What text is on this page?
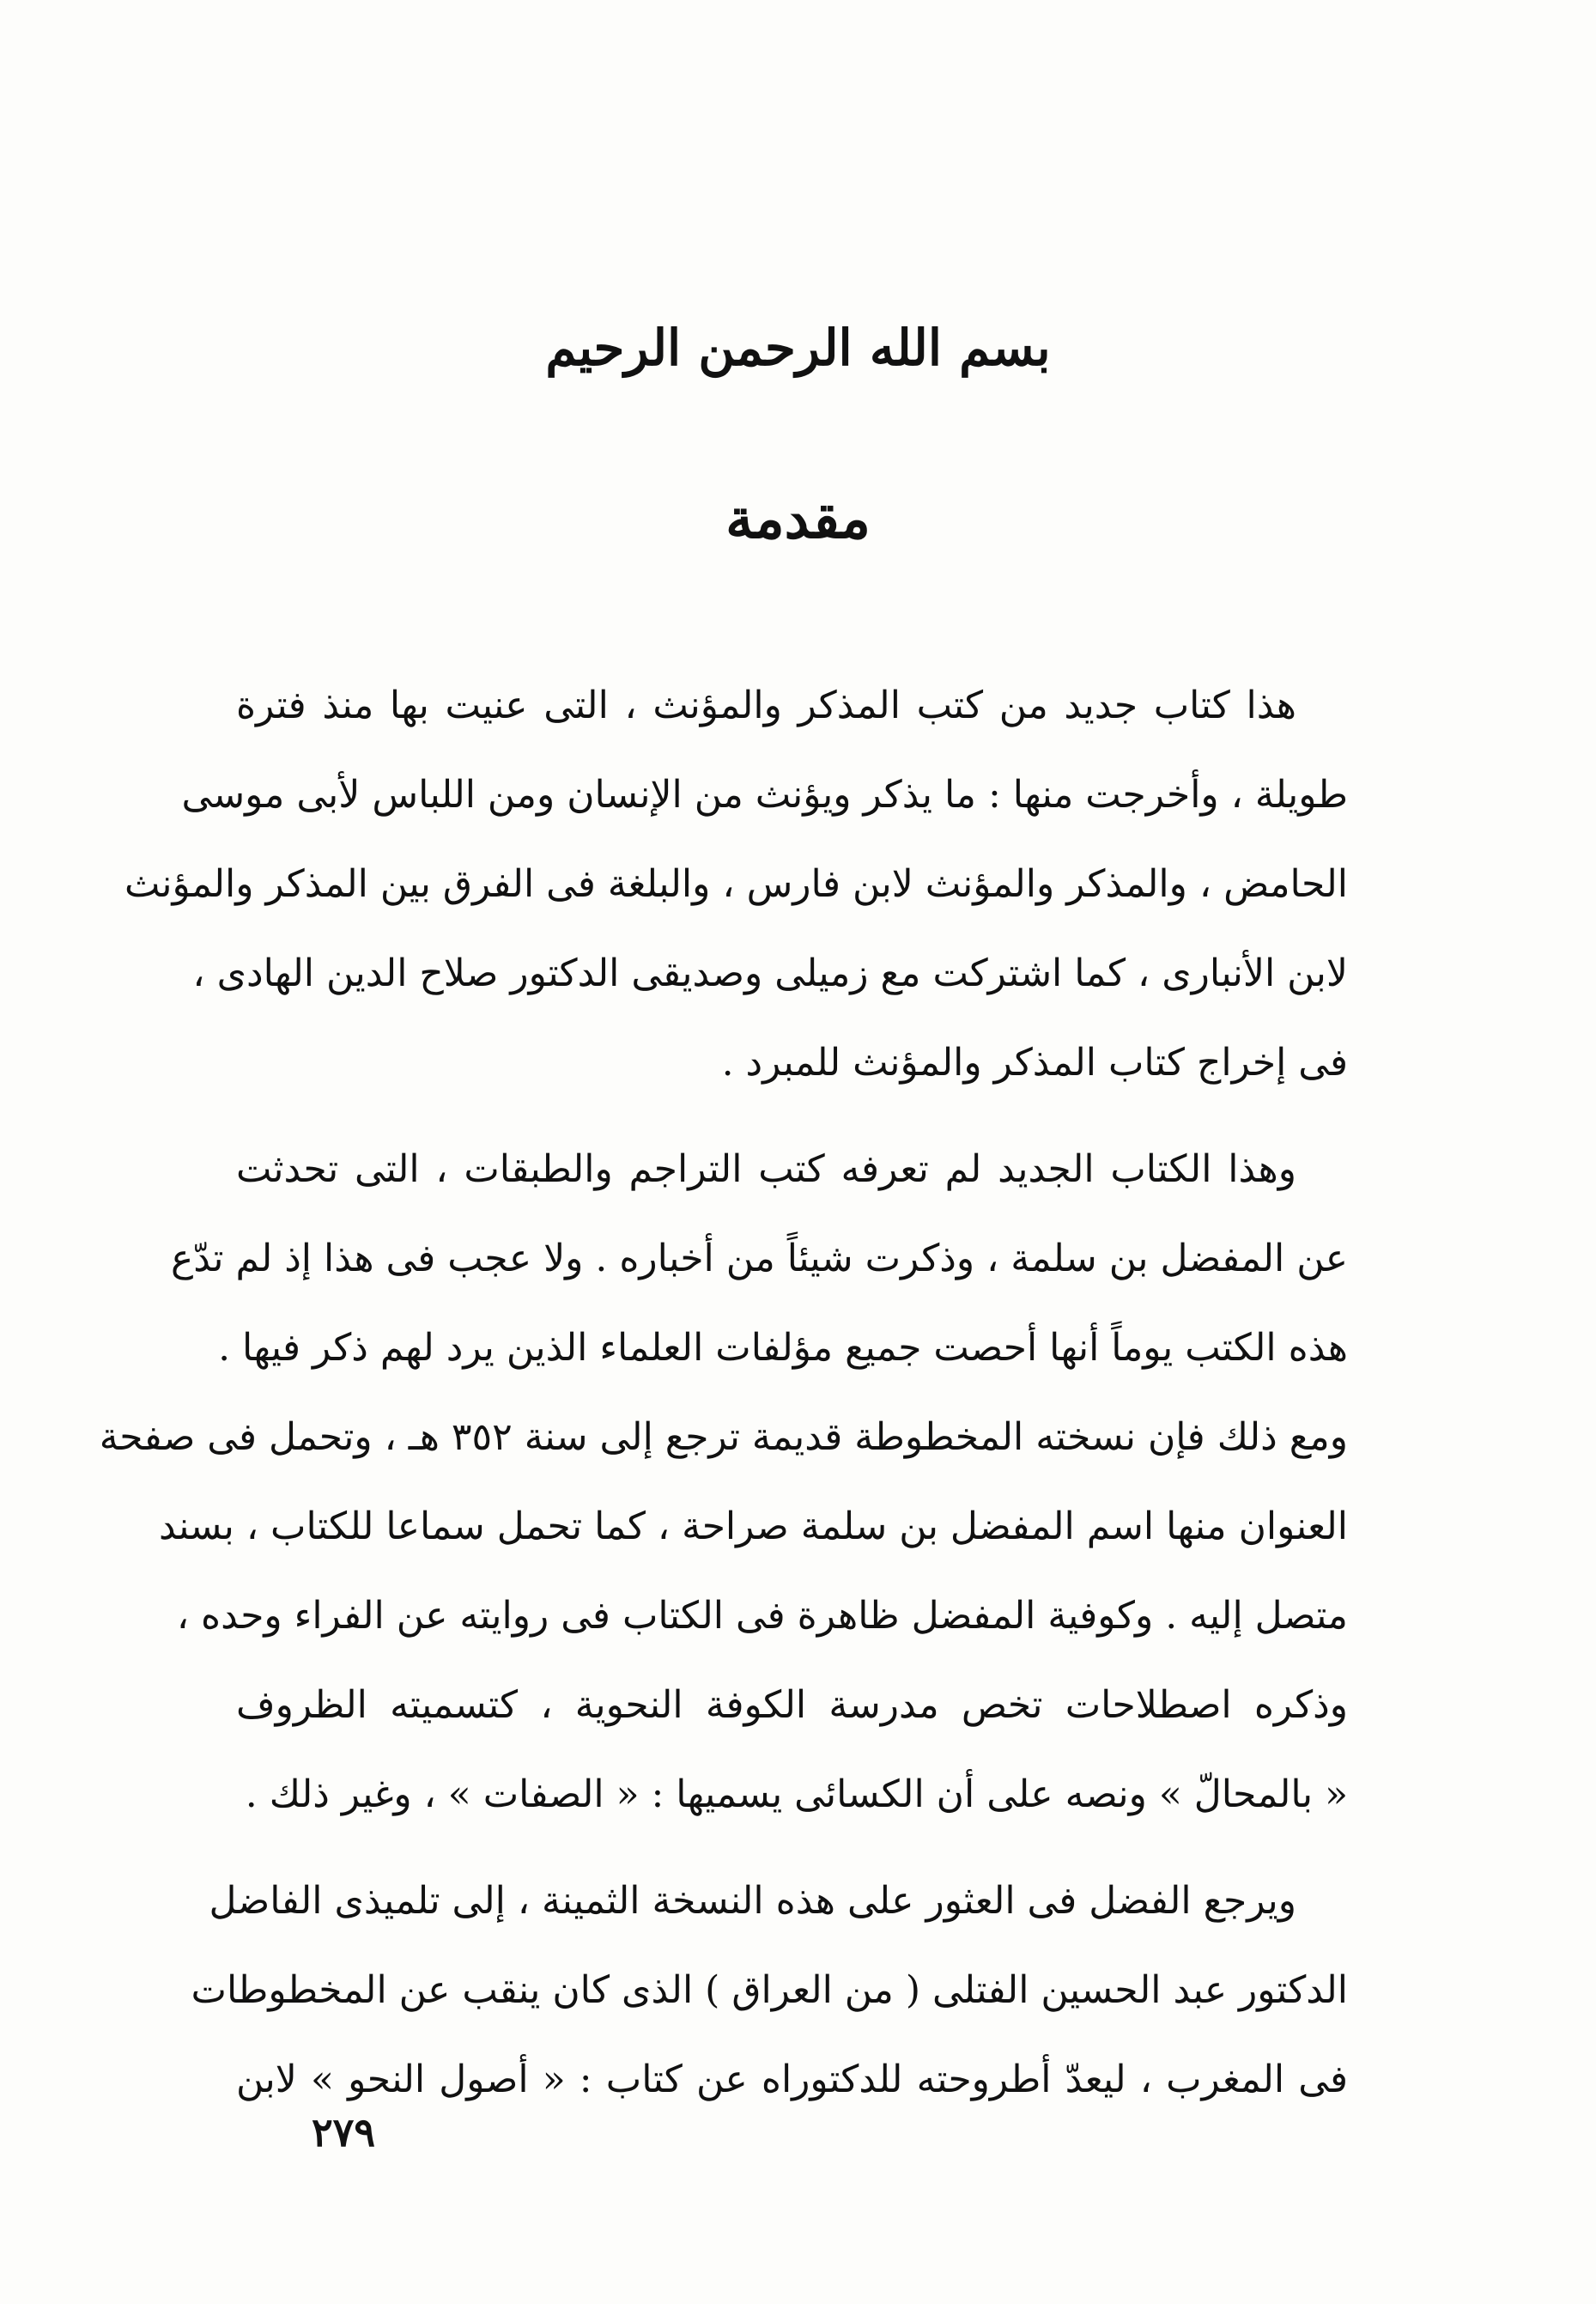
بسم الله الرحمن الرحيم
مقدمة
هذا كتاب جديد من كتب المذكر والمؤنث ، التى عنيت بها منذ فترة
طويلة ، وأخرجت منها : ما يذكر ويؤنث من الإنسان ومن اللباس لأبى موسى
الحامض ، والمذكر والمؤنث لابن فارس ، والبلغة فى الفرق بين المذكر والمؤنث
لابن الأنبارى ، كما اشتركت مع زميلى وصديقى الدكتور صلاح الدين الهادى ،
فى إخراج كتاب المذكر والمؤنث للمبرد .
وهذا الكتاب الجديد لم تعرفه كتب التراجم والطبقات ، التى تحدثت
عن المفضل بن سلمة ، وذكرت شيئاً من أخباره . ولا عجب فى هذا إذ لم تدّع
هذه الكتب يوماً أنها أحصت جميع مؤلفات العلماء الذين يرد لهم ذكر فيها .
ومع ذلك فإن نسخته المخطوطة قديمة ترجع إلى سنة ٣٥٢ هـ ، وتحمل فى صفحة
العنوان منها اسم المفضل بن سلمة صراحة ، كما تحمل سماعا للكتاب ، بسند
متصل إليه . وكوفية المفضل ظاهرة فى الكتاب فى روايته عن الفراء وحده ،
وذكره اصطلاحات تخص مدرسة الكوفة النحوية ، كتسميته الظروف
« بالمحالّ » ونصه على أن الكسائى يسميها : « الصفات » ، وغير ذلك .
ويرجع الفضل فى العثور على هذه النسخة الثمينة ، إلى تلميذى الفاضل
الدكتور عبد الحسين الفتلى ( من العراق ) الذى كان ينقب عن المخطوطات
فى المغرب ، ليعدّ أطروحته للدكتوراه عن كتاب : « أصول النحو » لابن
٢٧٩
